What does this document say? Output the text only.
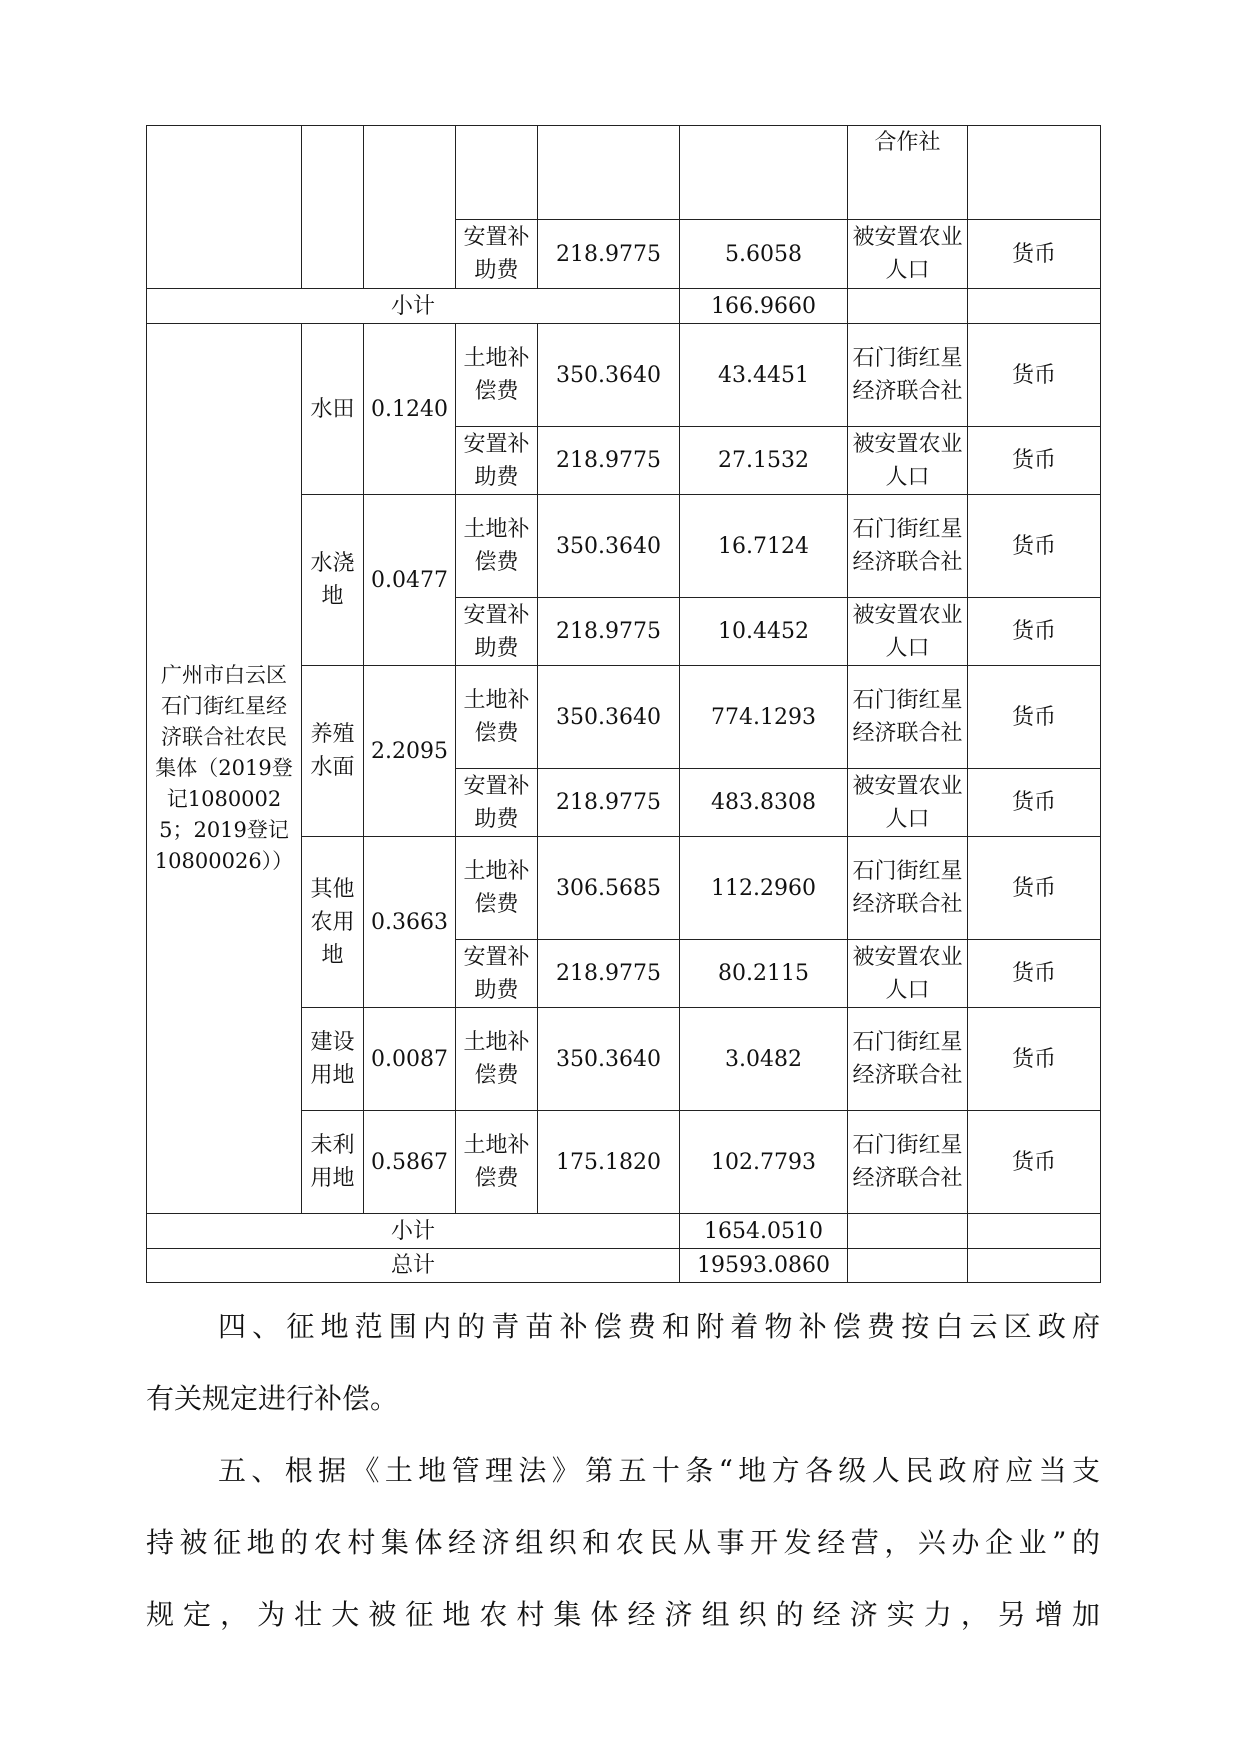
						合作社	
			安置补助费	218.9775	5.6058	被安置农业人口	货币
小计					166.9660		
广州市白云区石门街红星经济联合社农民集体（2019登记10800025；2019登记10800026））	水田	0.1240	土地补偿费	350.3640	43.4451	石门街红星经济联合社	货币
			安置补助费	218.9775	27.1532	被安置农业人口	货币
	水浇地	0.0477	土地补偿费	350.3640	16.7124	石门街红星经济联合社	货币
			安置补助费	218.9775	10.4452	被安置农业人口	货币
	养殖水面	2.2095	土地补偿费	350.3640	774.1293	石门街红星经济联合社	货币
			安置补助费	218.9775	483.8308	被安置农业人口	货币
	其他农用地	0.3663	土地补偿费	306.5685	112.2960	石门街红星经济联合社	货币
			安置补助费	218.9775	80.2115	被安置农业人口	货币
	建设用地	0.0087	土地补偿费	350.3640	3.0482	石门街红星经济联合社	货币
	未利用地	0.5867	土地补偿费	175.1820	102.7793	石门街红星经济联合社	货币
小计					1654.0510		
总计					19593.0860		

四、征地范围内的青苗补偿费和附着物补偿费按白云区政府

有关规定进行补偿。

五、根据《土地管理法》第五十条“地方各级人民政府应当支

持被征地的农村集体经济组织和农民从事开发经营，兴办企业”的

规定，为壮大被征地农村集体经济组织的经济实力，另增加
